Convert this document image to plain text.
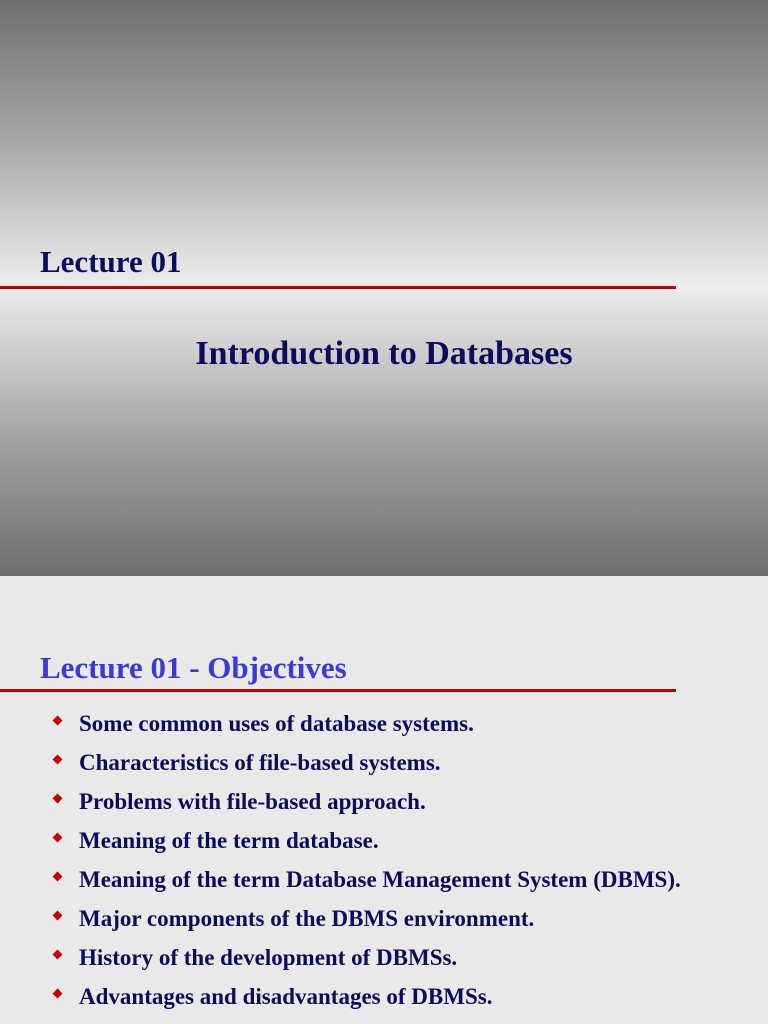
Lecture 01
Introduction to Databases
Lecture 01 - Objectives
Some common uses of database systems.
Characteristics of file-based systems.
Problems with file-based approach.
Meaning of the term database.
Meaning of the term Database Management System (DBMS).
Major components of the DBMS environment.
History of the development of DBMSs.
Advantages and disadvantages of DBMSs.
